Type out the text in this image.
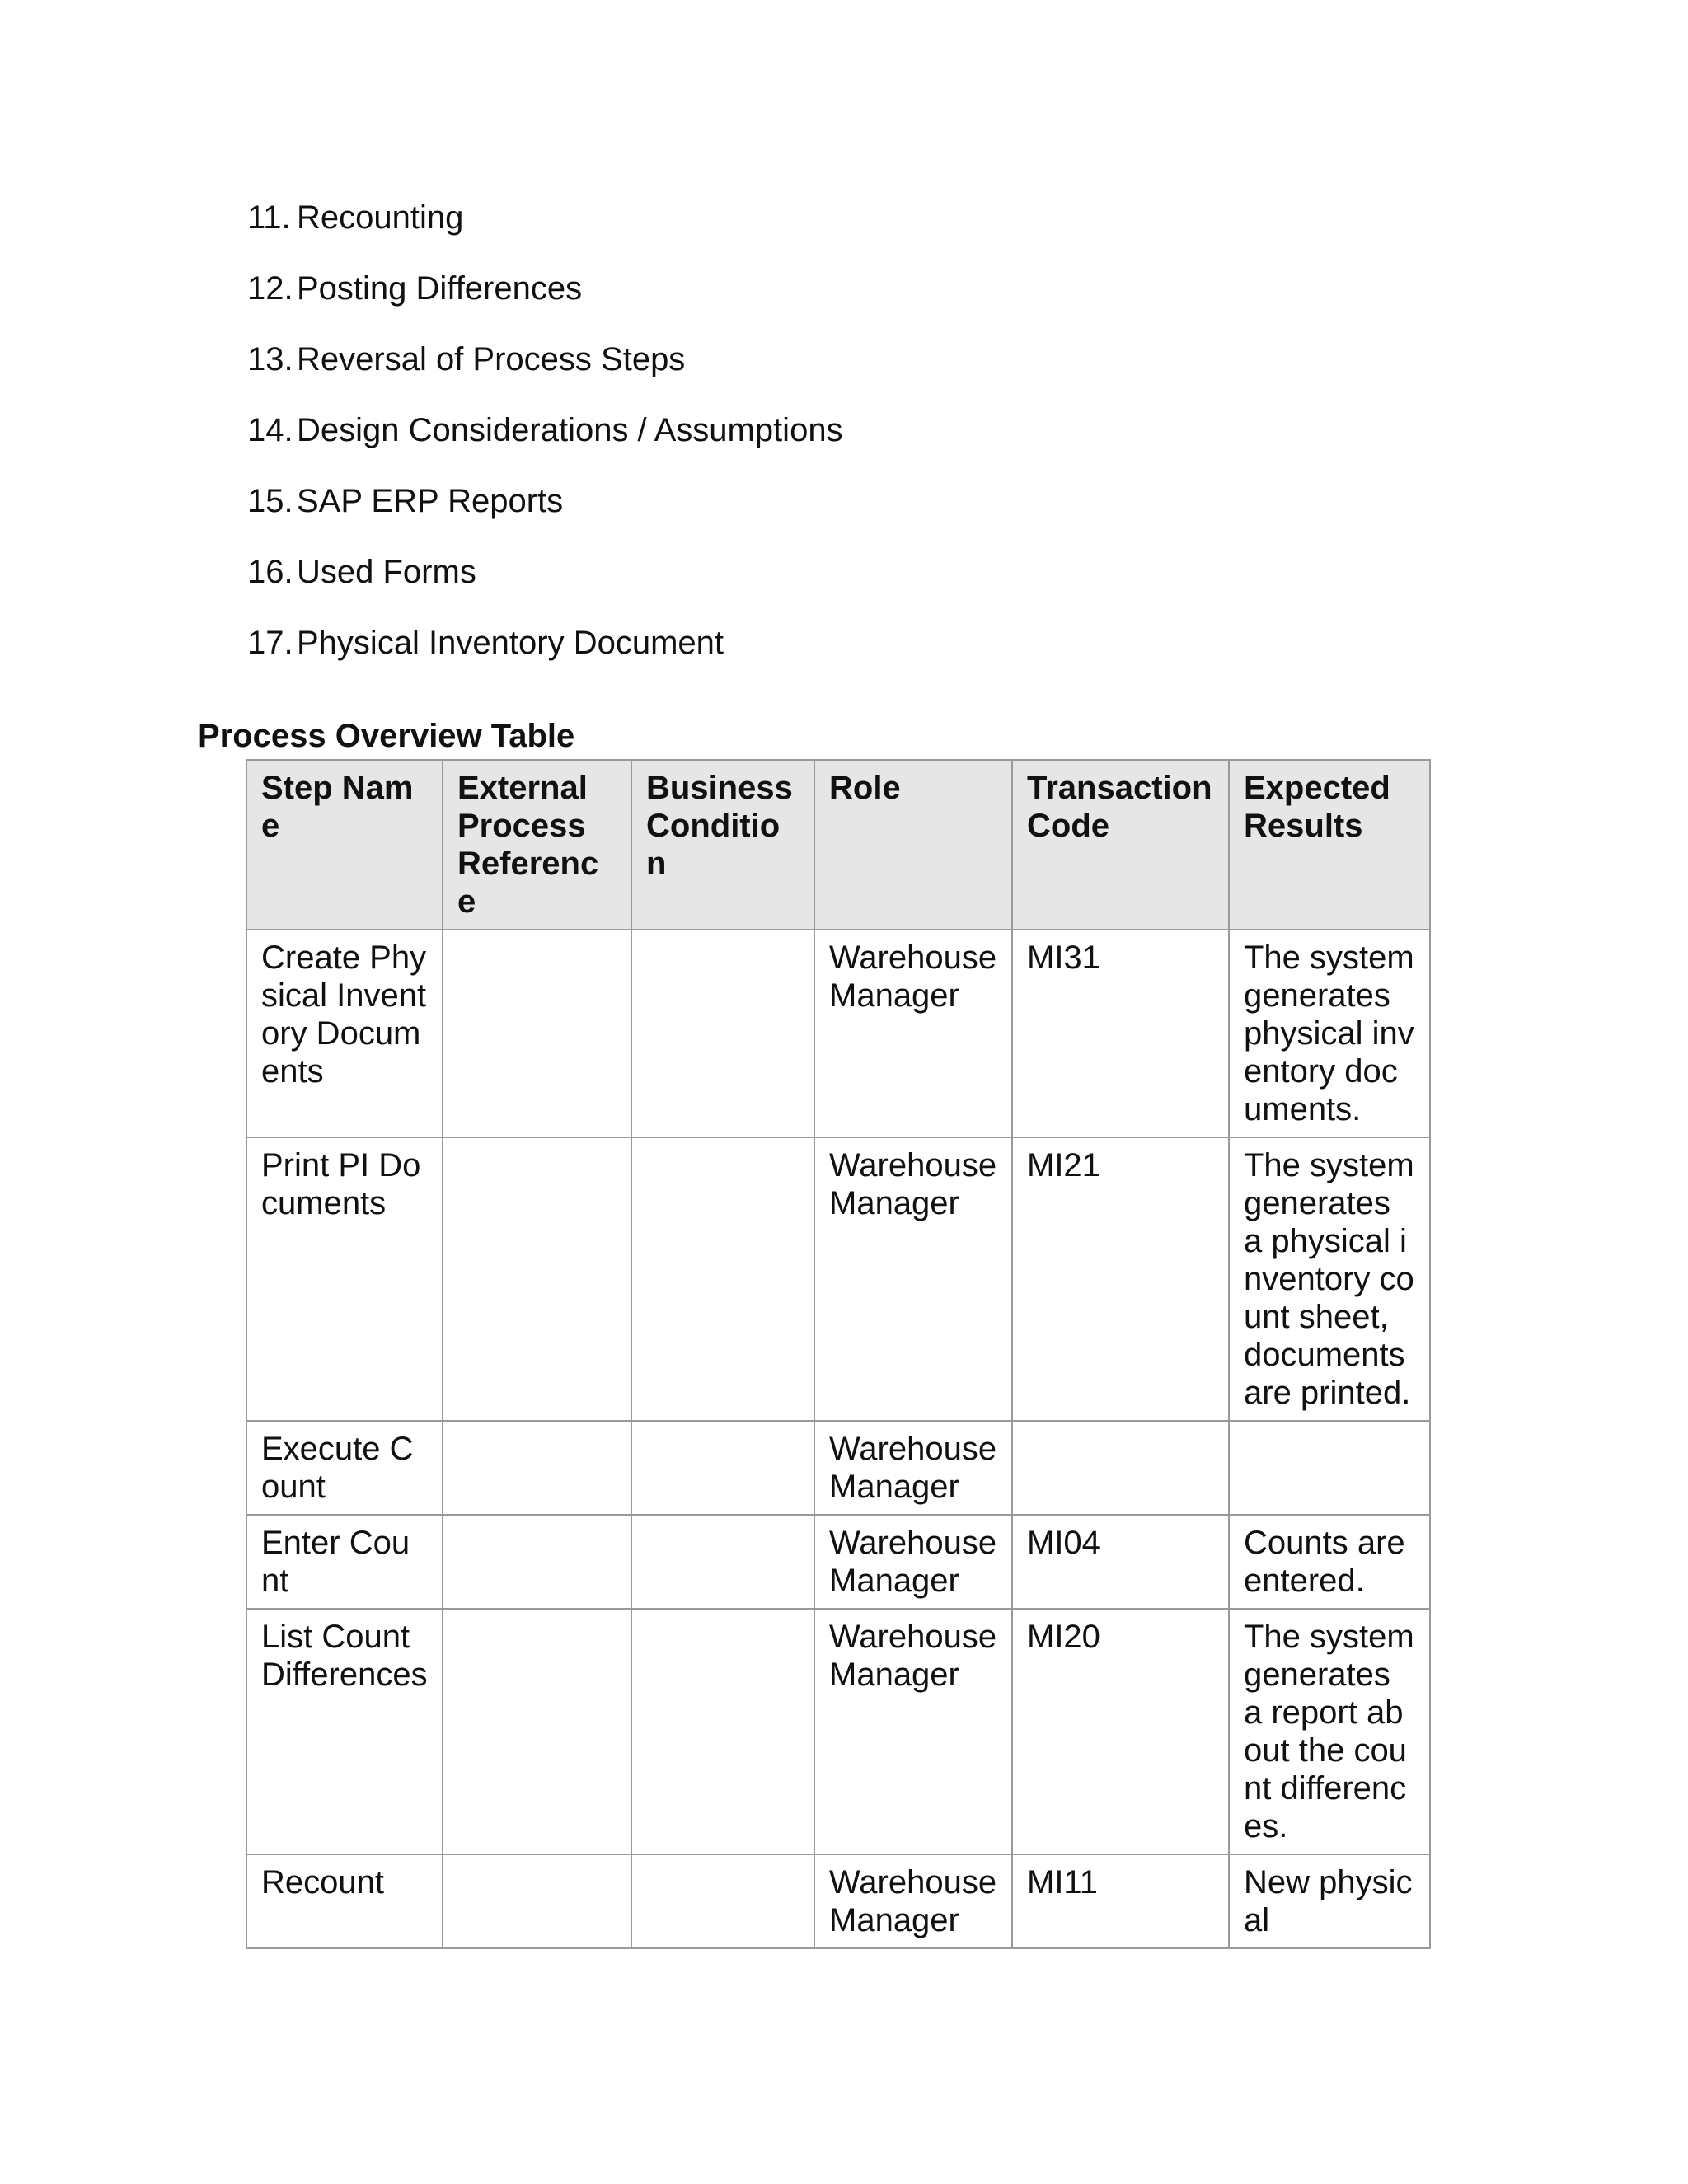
11. Recounting
12. Posting Differences
13. Reversal of Process Steps
14. Design Considerations / Assumptions
15. SAP ERP Reports
16. Used Forms
17. Physical Inventory Document
Process Overview Table
Step Name	External Process Reference	Business Condition	Role	Transaction Code	Expected Results
Create Physical Inventory Documents			Warehouse Manager	MI31	The system generates physical inventory documents.
Print PI Documents			Warehouse Manager	MI21	The system generates a physical inventory count sheet, documents are printed.
Execute Count			Warehouse Manager		
Enter Count			Warehouse Manager	MI04	Counts are entered.
List Count Differences			Warehouse Manager	MI20	The system generates a report about the count differences.
Recount			Warehouse Manager	MI11	New physical
